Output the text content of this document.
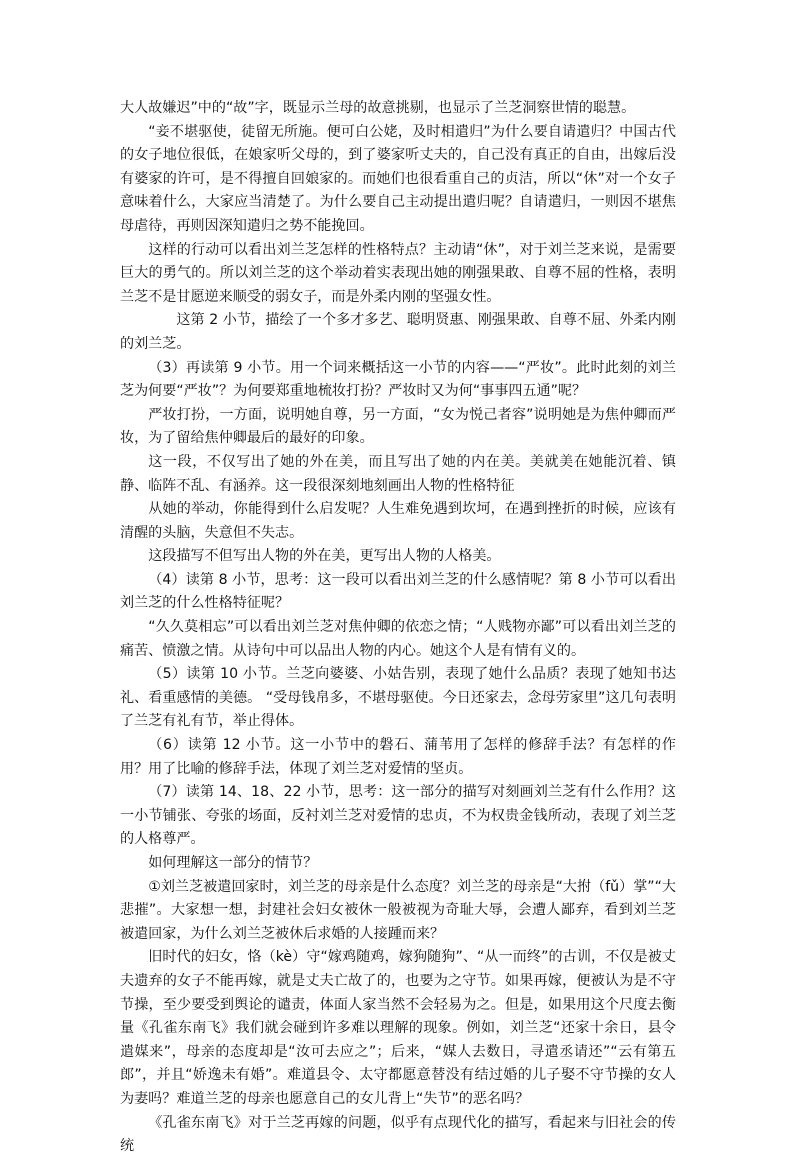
大人故嫌迟”中的“故”字，既显示兰母的故意挑剔，也显示了兰芝洞察世情的聪慧。

“妾不堪驱使，徒留无所施。便可白公姥，及时相遣归”为什么要自请遣归？中国古代的女子地位很低，在娘家听父母的，到了婆家听丈夫的，自己没有真正的自由，出嫁后没有婆家的许可，是不得擅自回娘家的。而她们也很看重自己的贞洁，所以“休”对一个女子意味着什么，大家应当清楚了。为什么要自己主动提出遣归呢？自请遣归，一则因不堪焦母虐待，再则因深知遣归之势不能挽回。

这样的行动可以看出刘兰芝怎样的性格特点？主动请“休”，对于刘兰芝来说，是需要巨大的勇气的。所以刘兰芝的这个举动着实表现出她的刚强果敢、自尊不屈的性格，表明兰芝不是甘愿逆来顺受的弱女子，而是外柔内刚的坚强女性。

这第 2 小节，描绘了一个多才多艺、聪明贤惠、刚强果敢、自尊不屈、外柔内刚的刘兰芝。

（3）再读第 9 小节。用一个词来概括这一小节的内容——“严妆”。此时此刻的刘兰芝为何要“严妆”？为何要郑重地梳妆打扮？严妆时又为何“事事四五通”呢？

严妆打扮，一方面，说明她自尊，另一方面，“女为悦己者容”说明她是为焦仲卿而严妆，为了留给焦仲卿最后的最好的印象。

这一段，不仅写出了她的外在美，而且写出了她的内在美。美就美在她能沉着、镇静、临阵不乱、有涵养。这一段很深刻地刻画出人物的性格特征

从她的举动，你能得到什么启发呢？人生难免遇到坎坷，在遇到挫折的时候，应该有清醒的头脑，失意但不失志。

这段描写不但写出人物的外在美，更写出人物的人格美。

（4）读第 8 小节，思考：这一段可以看出刘兰芝的什么感情呢？第 8 小节可以看出刘兰芝的什么性格特征呢？

“久久莫相忘”可以看出刘兰芝对焦仲卿的依恋之情；“人贱物亦鄙”可以看出刘兰芝的痛苦、愤激之情。从诗句中可以品出人物的内心。她这个人是有情有义的。

（5）读第 10 小节。兰芝向婆婆、小姑告别，表现了她什么品质？表现了她知书达礼、看重感情的美德。 “受母钱帛多，不堪母驱使。今日还家去，念母劳家里”这几句表明了兰芝有礼有节，举止得体。

（6）读第 12 小节。这一小节中的磐石、蒲苇用了怎样的修辞手法？有怎样的作用？用了比喻的修辞手法，体现了刘兰芝对爱情的坚贞。

（7）读第 14、18、22 小节，思考：这一部分的描写对刻画刘兰芝有什么作用？这一小节铺张、夸张的场面，反衬刘兰芝对爱情的忠贞，不为权贵金钱所动，表现了刘兰芝的人格尊严。

如何理解这一部分的情节？

①刘兰芝被遣回家时，刘兰芝的母亲是什么态度？刘兰芝的母亲是“大拊（fǔ）掌”“大悲摧”。大家想一想，封建社会妇女被休一般被视为奇耻大辱，会遭人鄙弃，看到刘兰芝被遣回家，为什么刘兰芝被休后求婚的人接踵而来？

旧时代的妇女，恪（kè）守“嫁鸡随鸡，嫁狗随狗”、“从一而终”的古训，不仅是被丈夫遗弃的女子不能再嫁，就是丈夫亡故了的，也要为之守节。如果再嫁，便被认为是不守节操，至少要受到舆论的谴责，体面人家当然不会轻易为之。但是，如果用这个尺度去衡量《孔雀东南飞》我们就会碰到许多难以理解的现象。例如，刘兰芝“还家十余日，县令遣媒来”，母亲的态度却是“汝可去应之”；后来，“媒人去数日，寻遣丞请还”“云有第五郎”，并且“娇逸未有婚”。难道县令、太守都愿意替没有结过婚的儿子娶不守节操的女人为妻吗？难道兰芝的母亲也愿意自己的女儿背上“失节”的恶名吗？

《孔雀东南飞》对于兰芝再嫁的问题，似乎有点现代化的描写，看起来与旧社会的传统
